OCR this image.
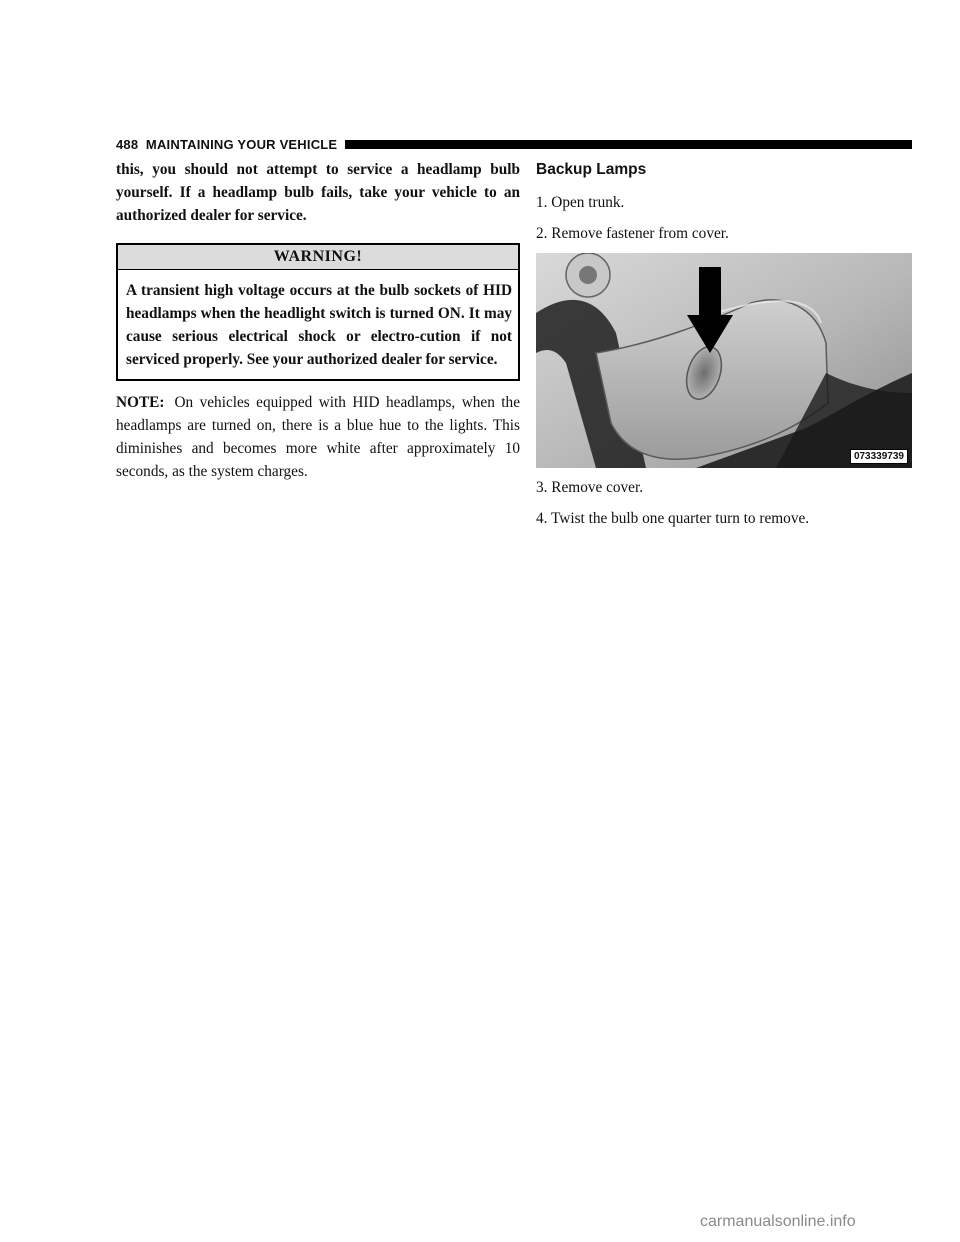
488 MAINTAINING YOUR VEHICLE

this, you should not attempt to service a headlamp bulb yourself. If a headlamp bulb fails, take your vehicle to an authorized dealer for service.

WARNING!
A transient high voltage occurs at the bulb sockets of HID headlamps when the headlight switch is turned ON. It may cause serious electrical shock or electro-cution if not serviced properly. See your authorized dealer for service.

NOTE: On vehicles equipped with HID headlamps, when the headlamps are turned on, there is a blue hue to the lights. This diminishes and becomes more white after approximately 10 seconds, as the system charges.

Backup Lamps

1. Open trunk.

2. Remove fastener from cover.

073339739

3. Remove cover.

4. Twist the bulb one quarter turn to remove.

carmanualsonline.info
